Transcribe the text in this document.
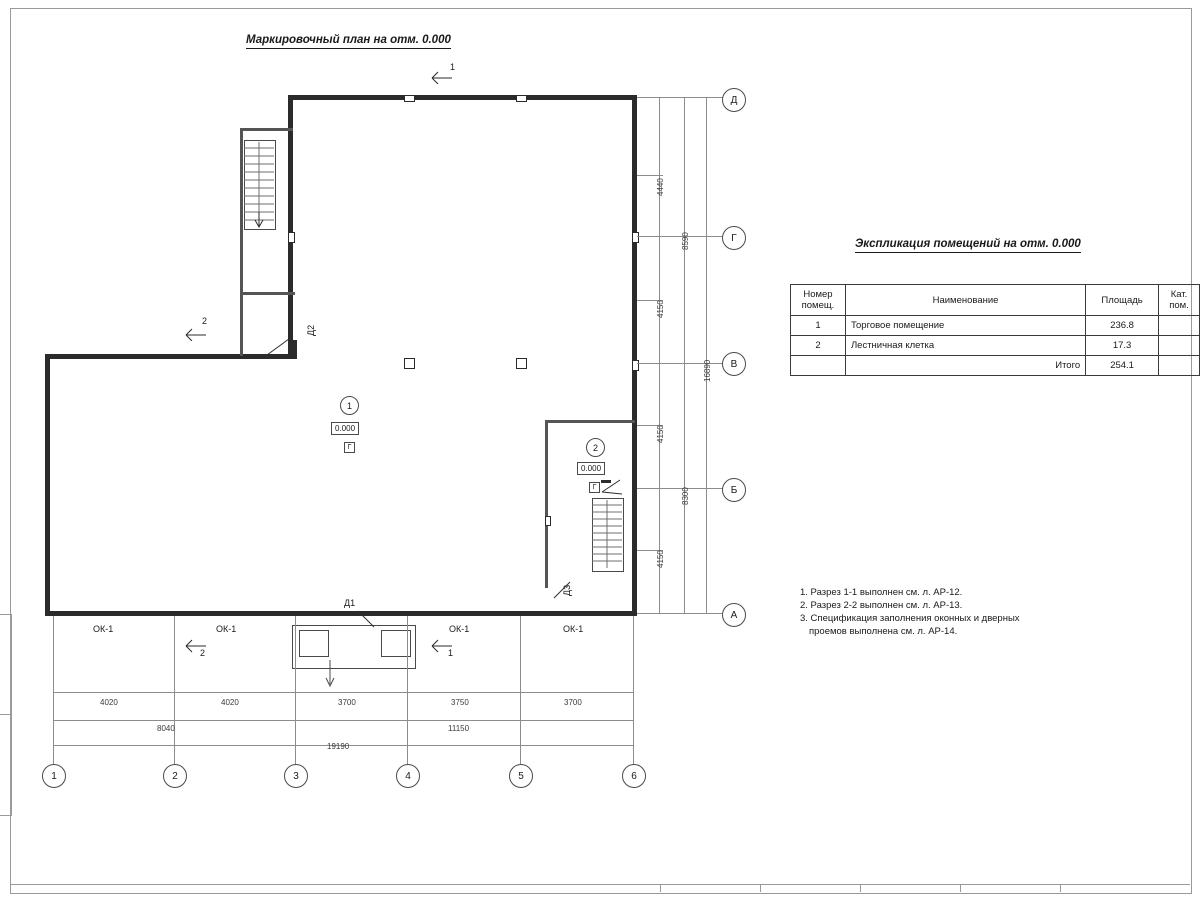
Маркировочный план на отм. 0.000
Экспликация помещений на отм. 0.000
1
0.000
Г	2
0.000
Г
Д2
Д3
Д1
ОК-1	ОК-1	ОК-1	ОК-1
1
1
2
2
4440
4150
4150
4150
8590
8300
16890
Д
Г
В
Б
А
4020	4020	3700	3750	3700
8040	11150
19190
1	2	3	4	5	6
Номер
помещ.	Наименование	Площадь	Кат.
пом.

1	Торговое помещение	236.8	
2	Лестничная клетка	17.3	
	Итого	254.1	
1. Разрез 1-1 выполнен см. л. АР-12.
2. Разрез 2-2 выполнен см. л. АР-13.
3. Спецификация заполнения оконных и дверных
проемов выполнена см. л. АР-14.
